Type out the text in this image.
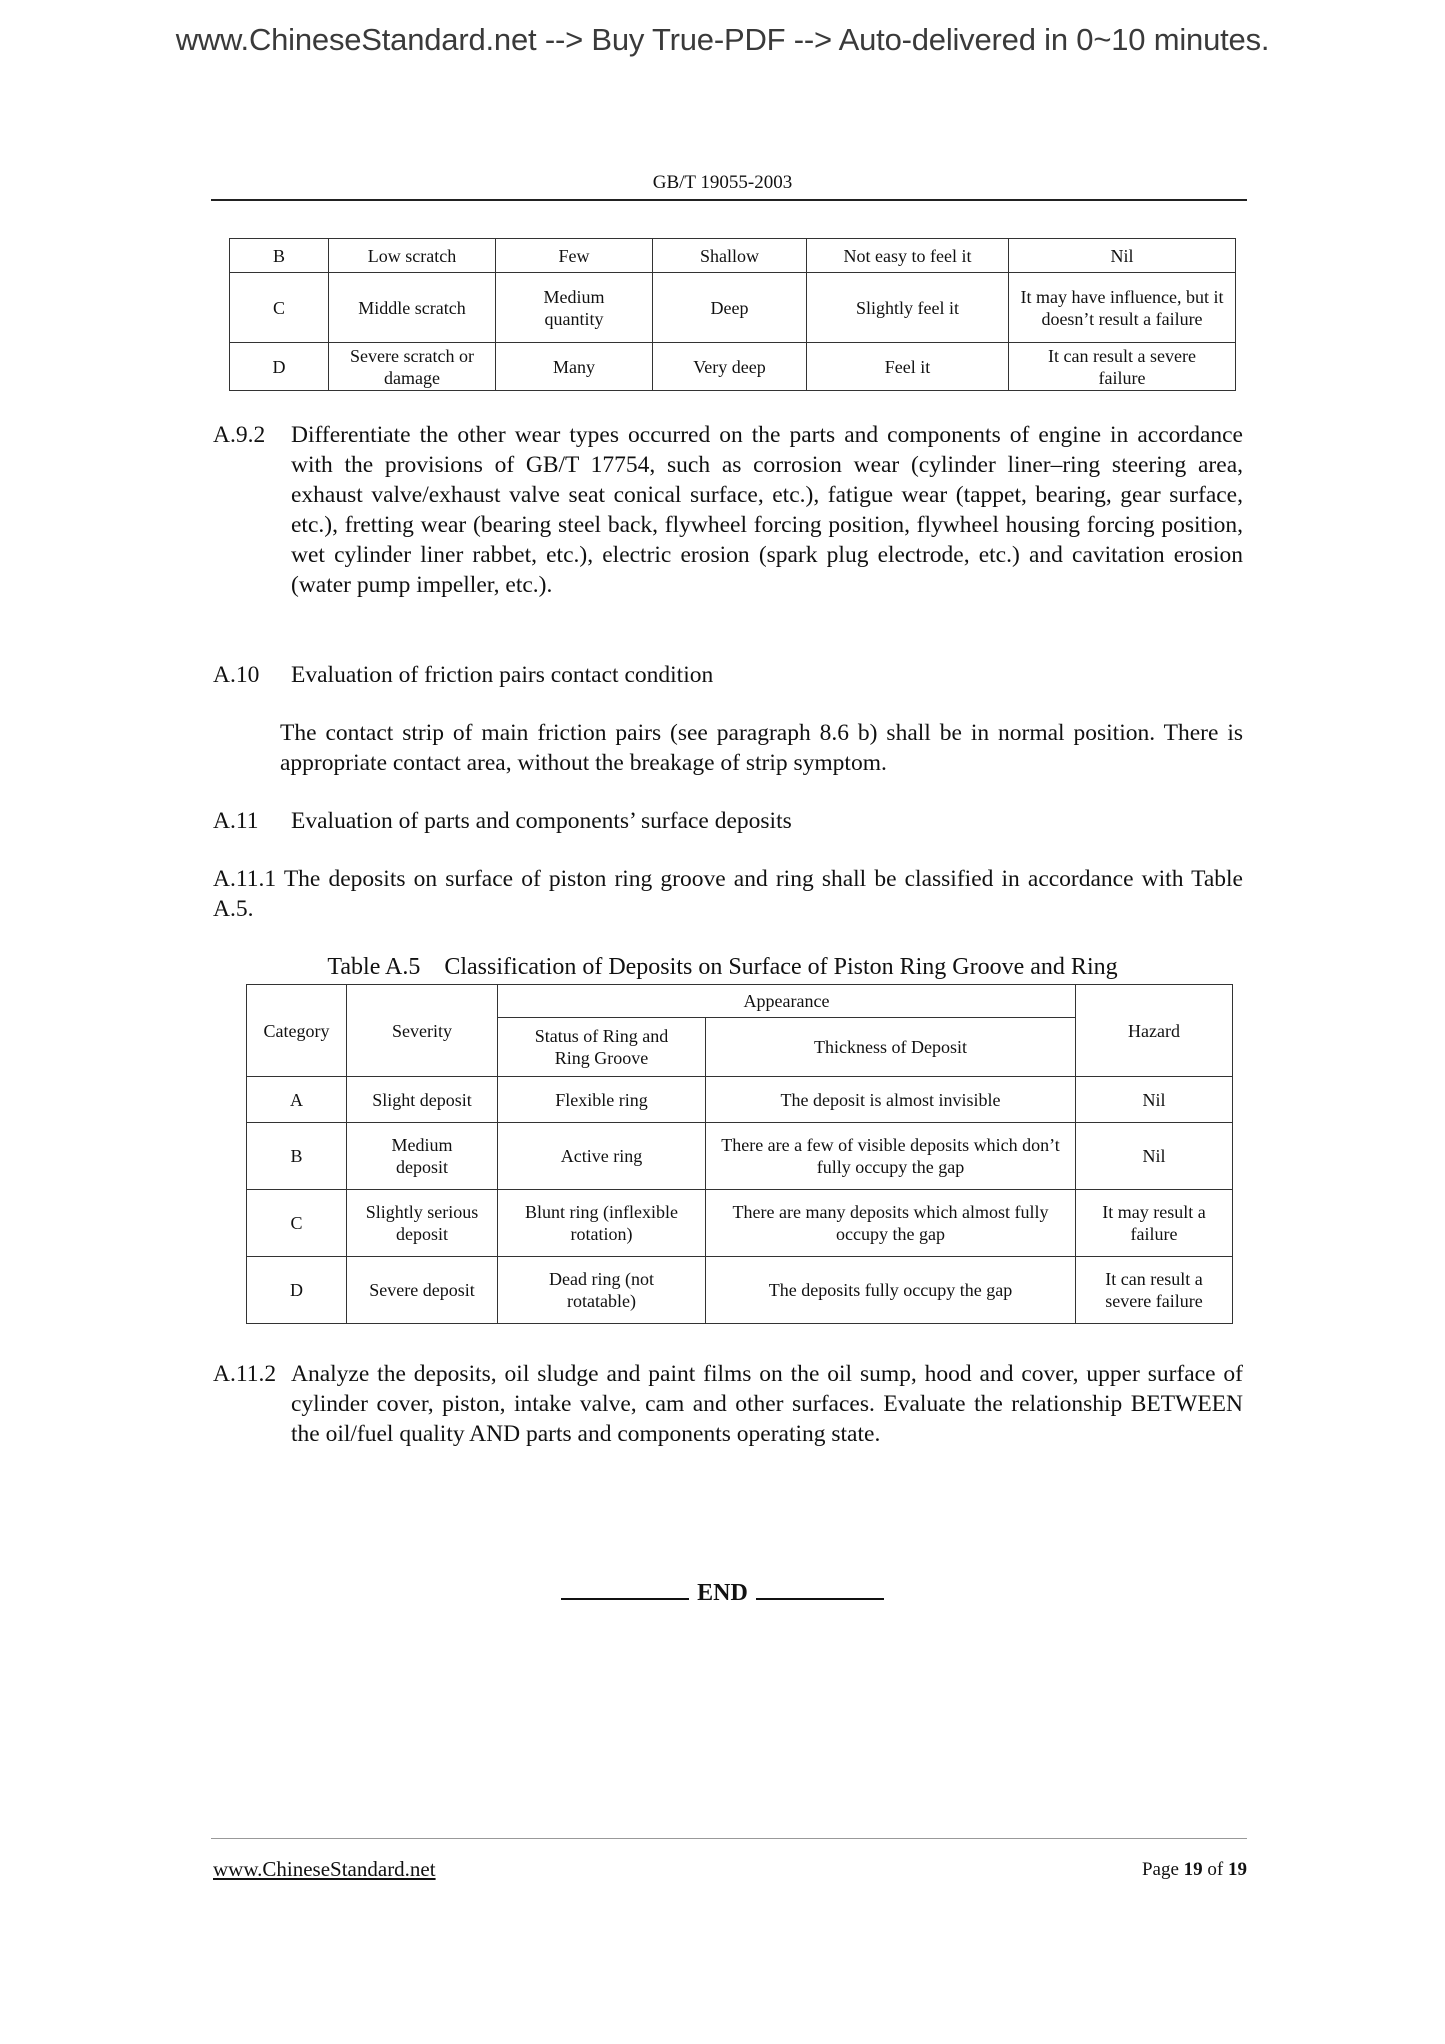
www.ChineseStandard.net --> Buy True-PDF --> Auto-delivered in 0~10 minutes.
GB/T 19055-2003
B	Low scratch	Few	Shallow	Not easy to feel it	Nil
C	Middle scratch	Medium quantity	Deep	Slightly feel it	It may have influence, but it doesn’t result a failure
D	Severe scratch or damage	Many	Very deep	Feel it	It can result a severe failure
A.9.2 Differentiate the other wear types occurred on the parts and components of engine in accordance with the provisions of GB/T 17754, such as corrosion wear (cylinder liner–ring steering area, exhaust valve/exhaust valve seat conical surface, etc.), fatigue wear (tappet, bearing, gear surface, etc.), fretting wear (bearing steel back, flywheel forcing position, flywheel housing forcing position, wet cylinder liner rabbet, etc.), electric erosion (spark plug electrode, etc.) and cavitation erosion (water pump impeller, etc.).
A.10 Evaluation of friction pairs contact condition
The contact strip of main friction pairs (see paragraph 8.6 b) shall be in normal position. There is appropriate contact area, without the breakage of strip symptom.
A.11 Evaluation of parts and components’ surface deposits
A.11.1 The deposits on surface of piston ring groove and ring shall be classified in accordance with Table A.5.
Table A.5    Classification of Deposits on Surface of Piston Ring Groove and Ring
Category	Severity	Appearance		Hazard
		Status of Ring and Ring Groove	Thickness of Deposit	
A	Slight deposit	Flexible ring	The deposit is almost invisible	Nil
B	Medium deposit	Active ring	There are a few of visible deposits which don’t fully occupy the gap	Nil
C	Slightly serious deposit	Blunt ring (inflexible rotation)	There are many deposits which almost fully occupy the gap	It may result a failure
D	Severe deposit	Dead ring (not rotatable)	The deposits fully occupy the gap	It can result a severe failure
A.11.2 Analyze the deposits, oil sludge and paint films on the oil sump, hood and cover, upper surface of cylinder cover, piston, intake valve, cam and other surfaces. Evaluate the relationship BETWEEN the oil/fuel quality AND parts and components operating state.
END
www.ChineseStandard.net	Page 19 of 19
